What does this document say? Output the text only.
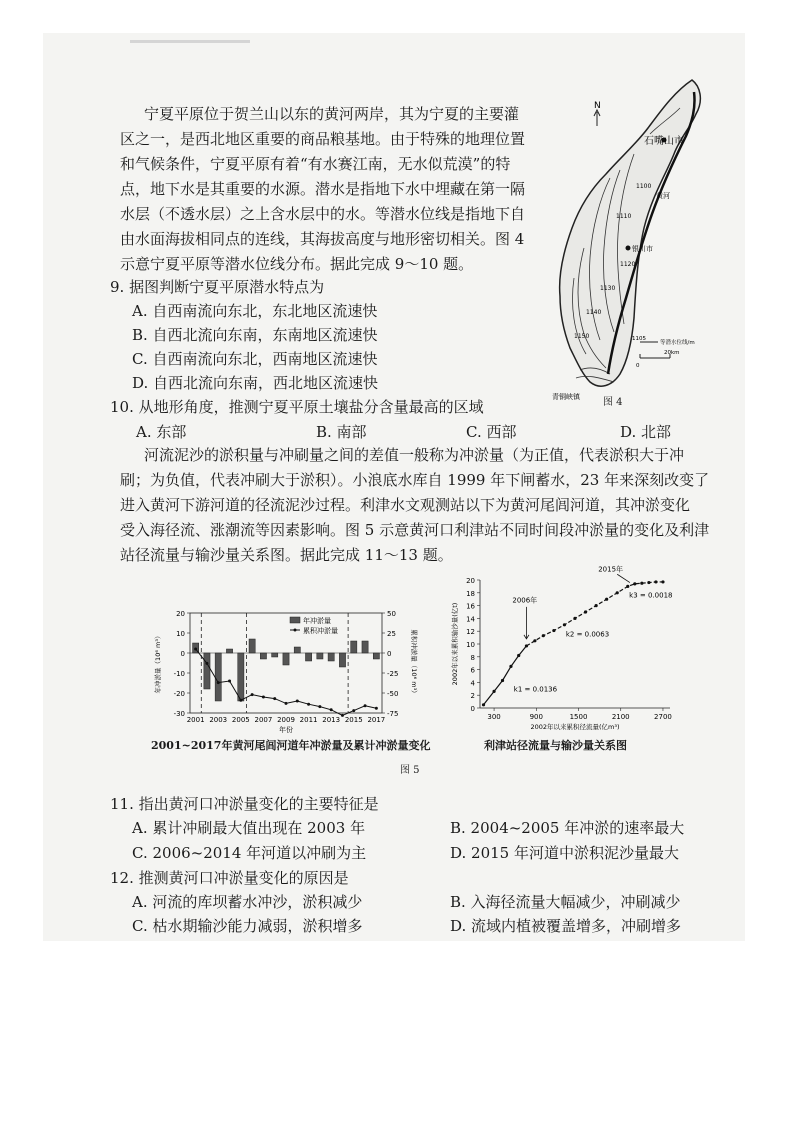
宁夏平原位于贺兰山以东的黄河两岸，其为宁夏的主要灌
区之一，是西北地区重要的商品粮基地。由于特殊的地理位置
和气候条件，宁夏平原有着“有水赛江南，无水似荒漠”的特
点，地下水是其重要的水源。潜水是指地下水中埋藏在第一隔
水层（不透水层）之上含水层中的水。等潜水位线是指地下自
由水面海拔相同点的连线，其海拔高度与地形密切相关。图 4
示意宁夏平原等潜水位线分布。据此完成 9～10 题。
9. 据图判断宁夏平原潜水特点为
A. 自西南流向东北，东北地区流速快
B. 自西北流向东南，东南地区流速快
C. 自西南流向东北，西南地区流速快
D. 自西北流向东南，西北地区流速快
10. 从地形角度，推测宁夏平原土壤盐分含量最高的区域
A. 东部	B. 南部	C. 西部	D. 北部
N
石嘴山市
银川市
黄河
青铜峡镇
1100
1110
1120
1130
1140
1150	1105
等潜水位线/m
0
20km
图 4
河流泥沙的淤积量与冲刷量之间的差值一般称为冲淤量（为正值，代表淤积大于冲
刷；为负值，代表冲刷大于淤积）。小浪底水库自 1999 年下闸蓄水，23 年来深刻改变了
进入黄河下游河道的径流泥沙过程。利津水文观测站以下为黄河尾闾河道，其冲淤变化
受入海径流、涨潮流等因素影响。图 5 示意黄河口利津站不同时间段冲淤量的变化及利津
站径流量与输沙量关系图。据此完成 11～13 题。
20
10
0
-10
-20
-30
50
25
0
-25
-50
-75
2001 2003 2005 2007 2009 2011 2013 2015 2017
年份
年冲淤量（10⁶ m³）	累积冲淤量（10⁶ m³）
年冲淤量
累积冲淤量
2001~2017年黄河尾闾河道年冲淤量及累计冲淤量变化
0
2
4
6
8
10
12
14
16
18
20
300	900	1500	2100	2700
2002年以来累积径流量(亿m³)
2002年以来累积输沙量(亿t)
2006年
2015年
k1 = 0.0136
k2 = 0.0063
k3 = 0.0018
利津站径流量与输沙量关系图
图 5
11. 指出黄河口冲淤量变化的主要特征是
A. 累计冲刷最大值出现在 2003 年	B. 2004~2005 年冲淤的速率最大
C. 2006~2014 年河道以冲刷为主	D. 2015 年河道中淤积泥沙量最大
12. 推测黄河口冲淤量变化的原因是
A. 河流的库坝蓄水冲沙，淤积减少	B. 入海径流量大幅减少，冲刷减少
C. 枯水期输沙能力减弱，淤积增多	D. 流域内植被覆盖增多，冲刷增多
